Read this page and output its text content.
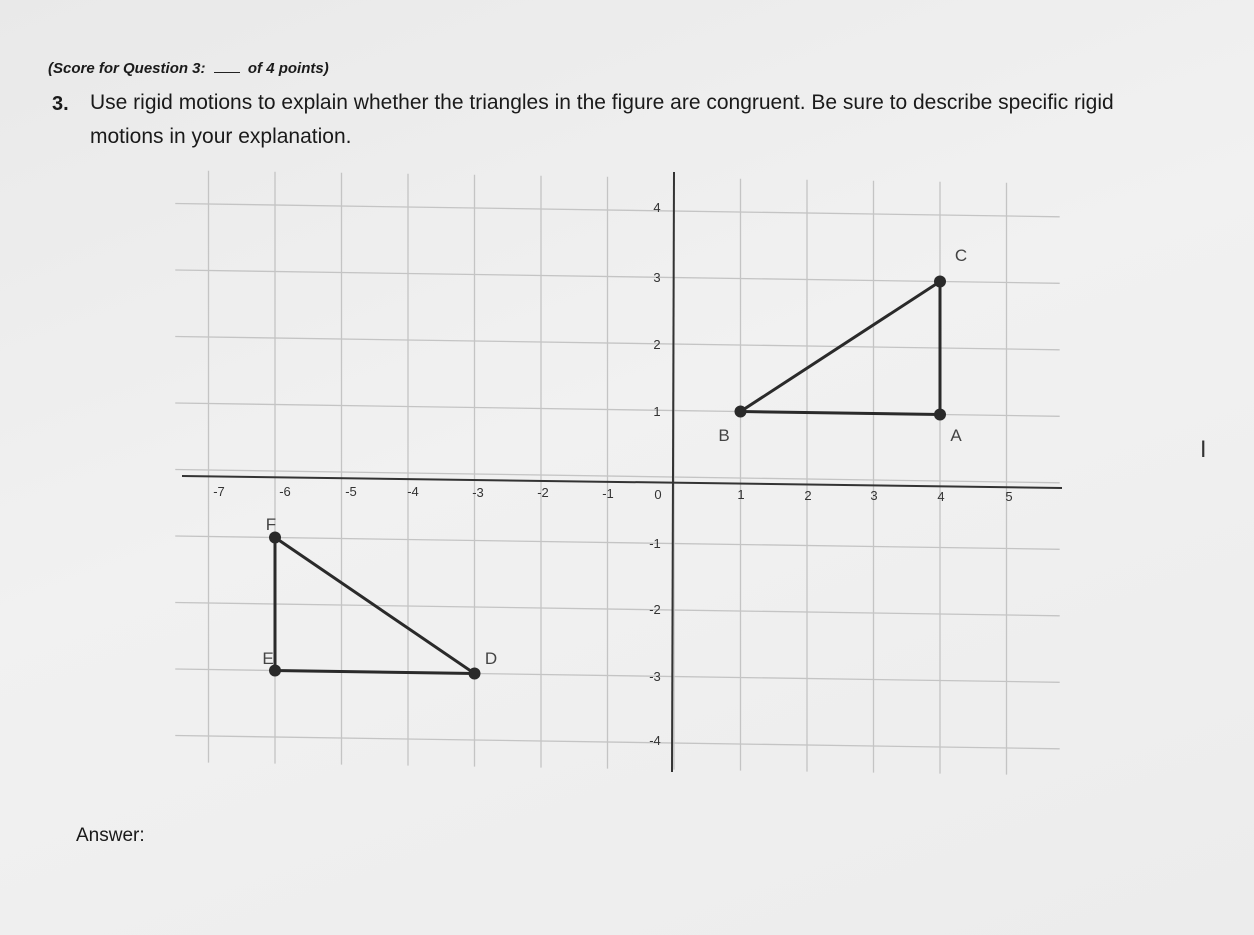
(Score for Question 3:	of 4 points)
3. Use rigid motions to explain whether the triangles in the figure are congruent. Be sure to describe specific rigid motions in your explanation.
-7	-6	-5	-4	-3	-2	-1	0	1	2	3	4	5
4
3
2
1
-1
-2
-3
-4
A
B
C
D
E
F
Answer:
I
